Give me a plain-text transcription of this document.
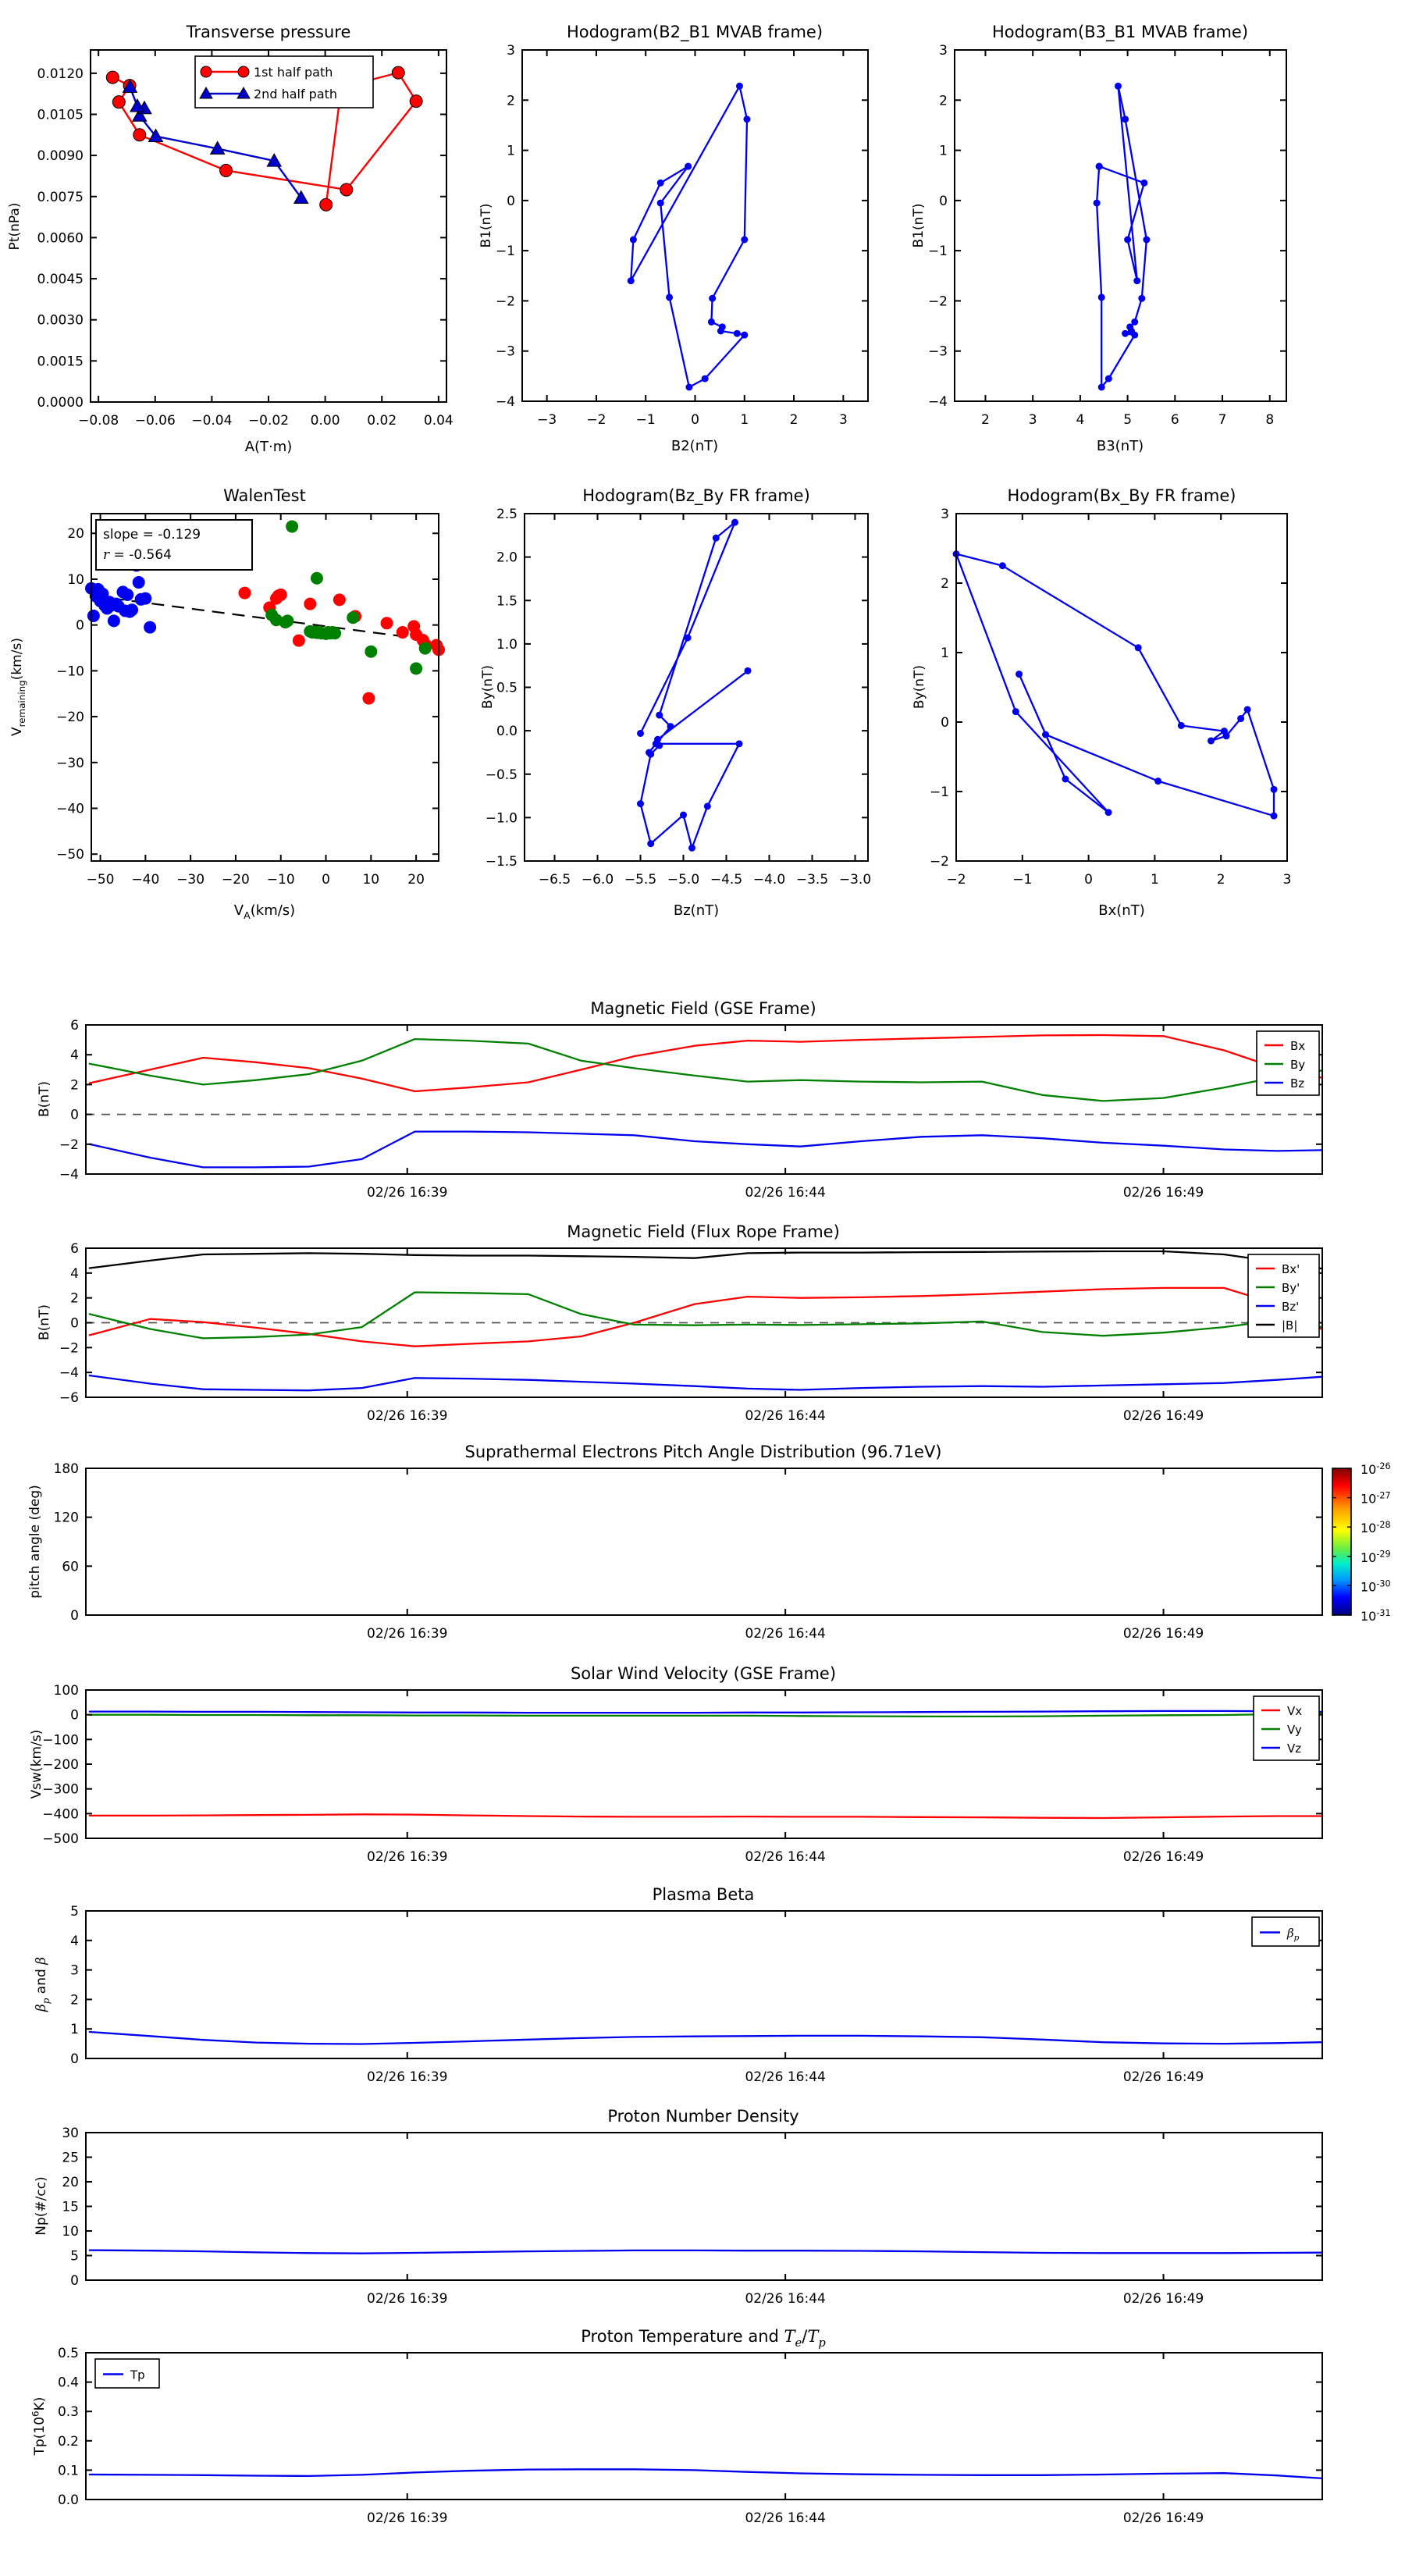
−0.08 −0.06 −0.04 −0.02 0.00 0.02 0.04
0.0000
0.0015
0.0030
0.0045
0.0060
0.0075
0.0090
0.0105
0.0120
Transverse pressure
A(T·m)
Pt(nPa)
1st half path
2nd half path
−3 −2 −1	0	1	2	3
−4
−3
−2
−1
0
1
2
3
Hodogram(B2_B1 MVAB frame)
B2(nT)
B1(nT)
2	3	4	5	6	7	8
−4
−3
−2
−1
0
1
2
3
Hodogram(B3_B1 MVAB frame)
B3(nT)
B1(nT)
−50 −40 −30 −20 −10 0 10 20
−50
−40
−30
−20
−10
0
10
20
WalenTest
$V_A(km/s)$
$V_{remaining}(km/s)$
slope = -0.129
r = -0.564
−6.5 −6.0 −5.5 −5.0 −4.5 −4.0 −3.5 −3.0
−1.5
−1.0
−0.5
0.0
0.5
1.0
1.5
2.0
2.5
Hodogram(Bz_By FR frame)
Bz(nT)
By(nT)
−2	−1	0	1	2	3
−2
−1
0
1
2
3
Hodogram(Bx_By FR frame)
Bx(nT)
By(nT)
02/26 16:39	02/26 16:44	02/26 16:49
−4
−2
0
2
4
6
Magnetic Field (GSE Frame)
B(nT)
Bx
By
Bz
02/26 16:39	02/26 16:44	02/26 16:49
−6
−4
−2
0
2
4
6
Magnetic Field (Flux Rope Frame)
B(nT)
Bx'
By'
Bz'
|B|
02/26 16:39	02/26 16:44	02/26 16:49
0
60
120
180
Suprathermal Electrons Pitch Angle Distribution (96.71eV)
pitch angle (deg)
$10^{-26}$
$10^{-27}$
$10^{-28}$
$10^{-29}$
$10^{-30}$
$10^{-31}$
02/26 16:39	02/26 16:44	02/26 16:49
−500
−400
−300
−200
−100
0
100
Solar Wind Velocity (GSE Frame)
Vsw(km/s)
Vx
Vy
Vz
02/26 16:39	02/26 16:44	02/26 16:49
0
1
2
3
4
5
Plasma Beta
$\beta_p$ and β
$\beta_p$
02/26 16:39	02/26 16:44	02/26 16:49
0
5
10
15
20
25
30
Proton Number Density
Np(#/cc)
02/26 16:39	02/26 16:44	02/26 16:49
0.0
0.1
0.2
0.3
0.4
0.5
Proton Temperature and $T_e/T_p$
$Tp(10^6K)$
Tp
